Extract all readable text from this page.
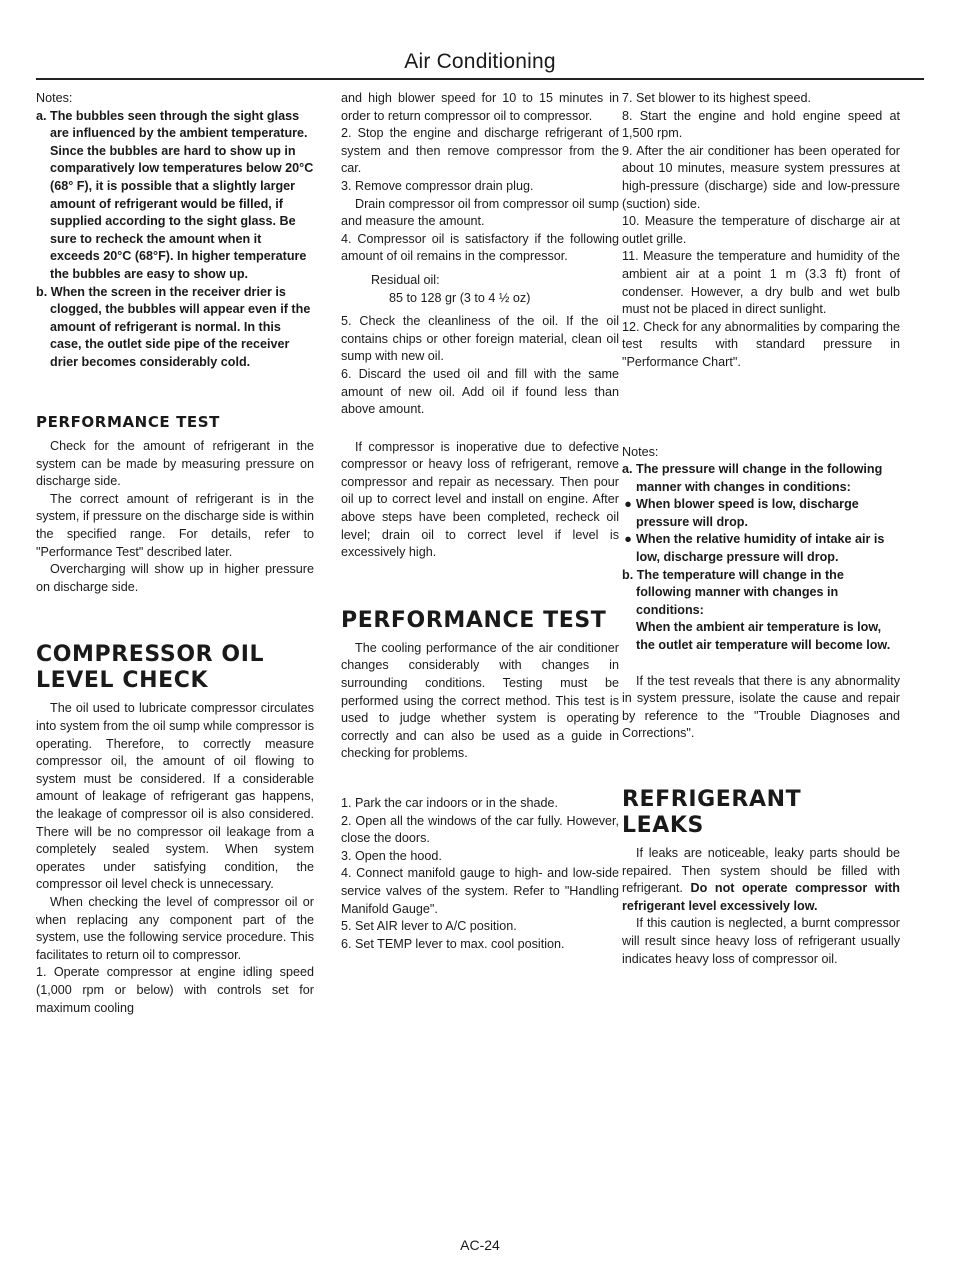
Air Conditioning

Notes:

a. The bubbles seen through the sight glass are influenced by the ambient temperature. Since the bubbles are hard to show up in comparatively low temperatures below 20°C (68° F), it is possible that a slightly larger amount of refrigerant would be filled, if supplied according to the sight glass. Be sure to recheck the amount when it exceeds 20°C (68°F). In higher temperature the bubbles are easy to show up.

b. When the screen in the receiver drier is clogged, the bubbles will appear even if the amount of refrigerant is normal. In this case, the outlet side pipe of the receiver drier becomes considerably cold.

PERFORMANCE TEST

Check for the amount of refrigerant in the system can be made by measuring pressure on discharge side.

The correct amount of refrigerant is in the system, if pressure on the discharge side is within the specified range. For details, refer to "Performance Test" described later.

Overcharging will show up in higher pressure on discharge side.

COMPRESSOR OIL

LEVEL CHECK

The oil used to lubricate compressor circulates into system from the oil sump while compressor is operating. Therefore, to correctly measure compressor oil, the amount of oil flowing to system must be considered. If a considerable amount of leakage of refrigerant gas happens, the leakage of compressor oil is also considered. There will be no compressor oil leakage from a completely sealed system. When system operates under satisfying condition, the compressor oil level check is unnecessary.

When checking the level of compressor oil or when replacing any component part of the system, use the following service procedure. This facilitates to return oil to compressor.

1. Operate compressor at engine idling speed (1,000 rpm or below) with controls set for maximum cooling

and high blower speed for 10 to 15 minutes in order to return compressor oil to compressor.

2. Stop the engine and discharge refrigerant of system and then remove compressor from the car.

3. Remove compressor drain plug.

Drain compressor oil from compressor oil sump and measure the amount.

4. Compressor oil is satisfactory if the following amount of oil remains in the compressor.

Residual oil:

85 to 128 gr (3 to 4 ½ oz)

5. Check the cleanliness of the oil. If the oil contains chips or other foreign material, clean oil sump with new oil.

6. Discard the used oil and fill with the same amount of new oil. Add oil if found less than above amount.

If compressor is inoperative due to defective compressor or heavy loss of refrigerant, remove compressor and repair as necessary. Then pour oil up to correct level and install on engine. After above steps have been completed, recheck oil level; drain oil to correct level if level is excessively high.

PERFORMANCE TEST

The cooling performance of the air conditioner changes considerably with changes in surrounding conditions. Testing must be performed using the correct method. This test is used to judge whether system is operating correctly and can also be used as a guide in checking for problems.

1. Park the car indoors or in the shade.

2. Open all the windows of the car fully. However, close the doors.

3. Open the hood.

4. Connect manifold gauge to high- and low-side service valves of the system. Refer to "Handling Manifold Gauge".

5. Set AIR lever to A/C position.

6. Set TEMP lever to max. cool position.

7. Set blower to its highest speed.

8. Start the engine and hold engine speed at 1,500 rpm.

9. After the air conditioner has been operated for about 10 minutes, measure system pressures at high-pressure (discharge) side and low-pressure (suction) side.

10. Measure the temperature of discharge air at outlet grille.

11. Measure the temperature and humidity of the ambient air at a point 1 m (3.3 ft) front of condenser. However, a dry bulb and wet bulb must not be placed in direct sunlight.

12. Check for any abnormalities by comparing the test results with standard pressure in "Performance Chart".

Notes:

a. The pressure will change in the following manner with changes in conditions:

● When blower speed is low, discharge pressure will drop.

● When the relative humidity of intake air is low, discharge pressure will drop.

b. The temperature will change in the following manner with changes in conditions:

When the ambient air temperature is low, the outlet air temperature will become low.

If the test reveals that there is any abnormality in system pressure, isolate the cause and repair by reference to the "Trouble Diagnoses and Corrections".

REFRIGERANT

LEAKS

If leaks are noticeable, leaky parts should be repaired. Then system should be filled with refrigerant. Do not operate compressor with refrigerant level excessively low.

If this caution is neglected, a burnt compressor will result since heavy loss of refrigerant usually indicates heavy loss of compressor oil.

AC-24
